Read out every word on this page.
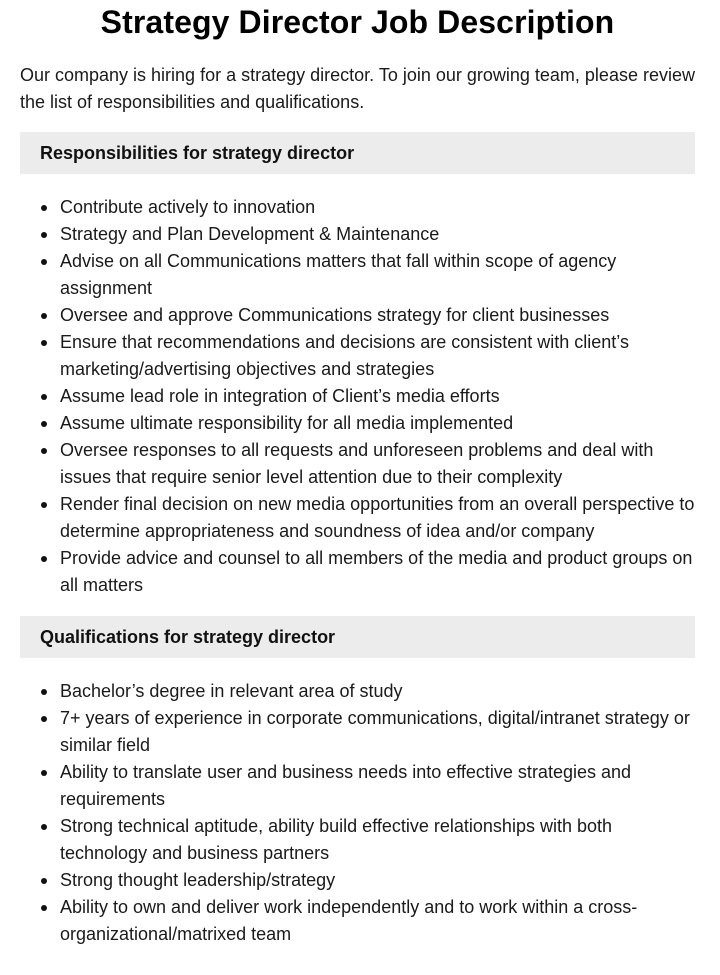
Strategy Director Job Description

Our company is hiring for a strategy director. To join our growing team, please review the list of responsibilities and qualifications.

Responsibilities for strategy director
Contribute actively to innovation
Strategy and Plan Development & Maintenance
Advise on all Communications matters that fall within scope of agency assignment
Oversee and approve Communications strategy for client businesses
Ensure that recommendations and decisions are consistent with client’s marketing/advertising objectives and strategies
Assume lead role in integration of Client’s media efforts
Assume ultimate responsibility for all media implemented
Oversee responses to all requests and unforeseen problems and deal with issues that require senior level attention due to their complexity
Render final decision on new media opportunities from an overall perspective to determine appropriateness and soundness of idea and/or company
Provide advice and counsel to all members of the media and product groups on all matters
Qualifications for strategy director
Bachelor’s degree in relevant area of study
7+ years of experience in corporate communications, digital/intranet strategy or similar field
Ability to translate user and business needs into effective strategies and requirements
Strong technical aptitude, ability build effective relationships with both technology and business partners
Strong thought leadership/strategy
Ability to own and deliver work independently and to work within a cross-organizational/matrixed team
